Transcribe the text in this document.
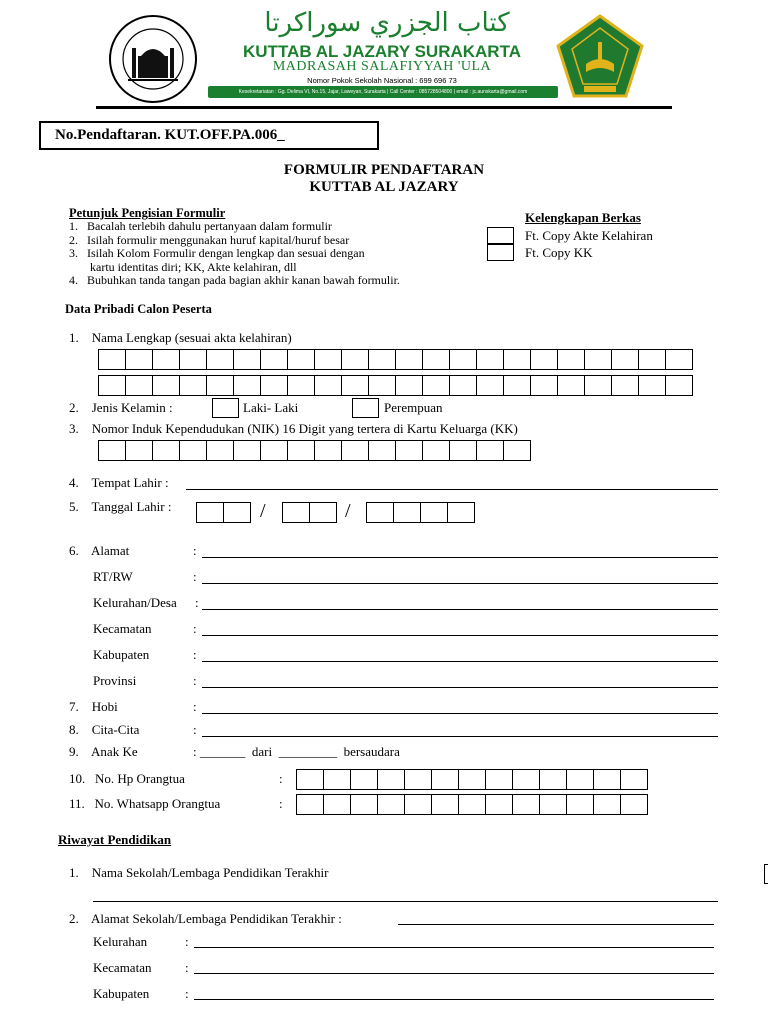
كتاب الجزري سوراكرتا
KUTTAB AL JAZARY SURAKARTA
MADRASAH SALAFIYYAH 'ULA
Nomor Pokok Sekolah Nasional : 699 696 73
Kesekretariatan : Gg. Delima VI, No.15, Jajar, Laweyan, Surakarta | Call Center : 085728504800 | email : jc.aunskarta@gmail.com
No.Pendaftaran. KUT.OFF.PA.006_
FORMULIR PENDAFTARAN
KUTTAB AL JAZARY
Petunjuk Pengisian Formulir
1.   Bacalah terlebih dahulu pertanyaan dalam formulir
2.   Isilah formulir menggunakan huruf kapital/huruf besar
3.   Isilah Kolom Formulir dengan lengkap dan sesuai dengan
kartu identitas diri; KK, Akte kelahiran, dll
4.   Bubuhkan tanda tangan pada bagian akhir kanan bawah formulir.
Kelengkapan Berkas
Ft. Copy Akte Kelahiran
Ft. Copy KK
Data Pribadi Calon Peserta
1.    Nama Lengkap (sesuai akta kelahiran)
2.    Jenis Kelamin :	Laki- Laki	Perempuan
3.    Nomor Induk Kependudukan (NIK) 16 Digit yang tertera di Kartu Keluarga (KK)
4.    Tempat Lahir :
5.    Tanggal Lahir :	/	/
6.    Alamat	:
RT/RW	:
Kelurahan/Desa :
Kecamatan	:
Kabupaten	:
Provinsi	:
7.    Hobi	:
8.    Cita-Cita	:
9.    Anak Ke	: _______  dari  _________  bersaudara
10.   No. Hp Orangtua	:
11.   No. Whatsapp Orangtua	:
Riwayat Pendidikan
1.    Nama Sekolah/Lembaga Pendidikan Terakhir
2.    Alamat Sekolah/Lembaga Pendidikan Terakhir :
Kelurahan	:
Kecamatan	:
Kabupaten	:
